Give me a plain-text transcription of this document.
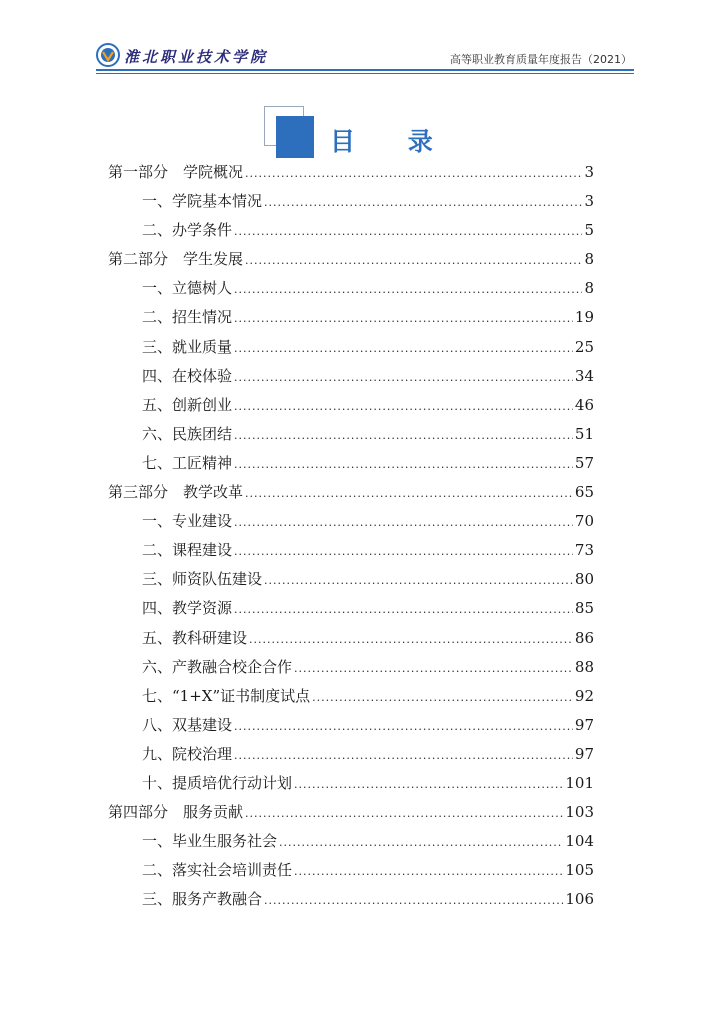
淮北职业技术学院	高等职业教育质量年度报告（2021）
目 录
第一部分　学院概况 .....	3
一、学院基本情况 .....	3
二、办学条件 .....	5
第二部分　学生发展 .....	8
一、立德树人 .....	8
二、招生情况 .....	19
三、就业质量 .....	25
四、在校体验 .....	34
五、创新创业 .....	46
六、民族团结 .....	51
七、工匠精神 .....	57
第三部分　教学改革 .....	65
一、专业建设 .....	70
二、课程建设 .....	73
三、师资队伍建设 .....	80
四、教学资源 .....	85
五、教科研建设 .....	86
六、产教融合校企合作 .....	88
七、“1+X”证书制度试点 .....	92
八、双基建设 .....	97
九、院校治理 .....	97
十、提质培优行动计划 .....	101
第四部分　服务贡献 .....	103
一、毕业生服务社会 .....	104
二、落实社会培训责任 .....	105
三、服务产教融合 .....	106
